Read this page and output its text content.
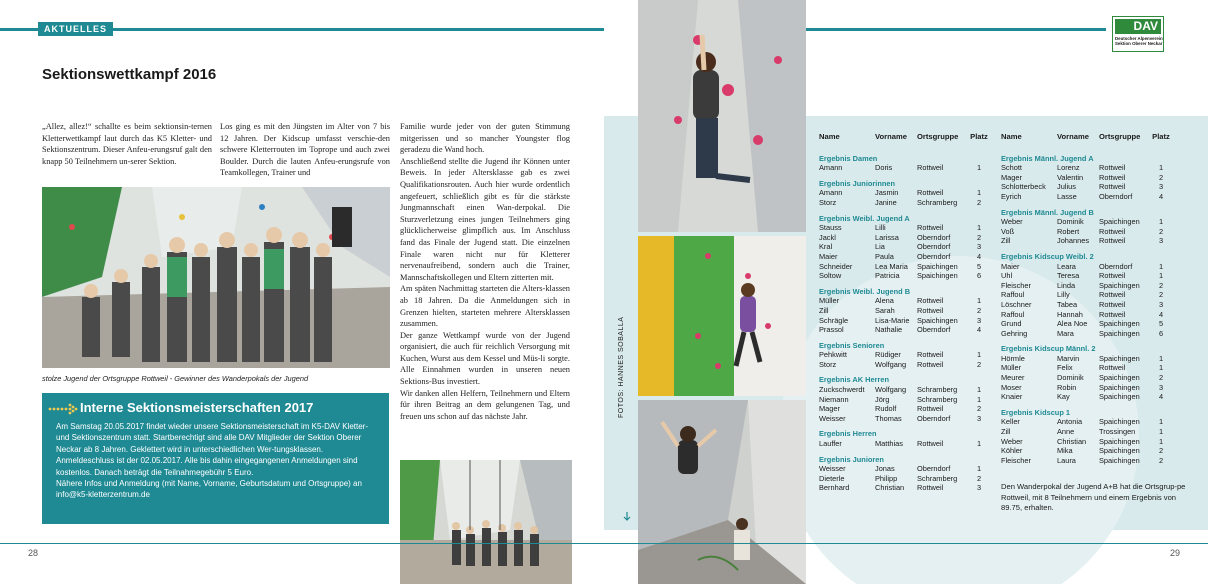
AKTUELLES
Sektionswettkampf 2016

„Allez, allez!“ schallte es beim sektionsin-ternen Kletterwettkampf laut durch das K5 Kletter- und Sektionszentrum. Dieser Anfeu-erungsruf galt den knapp 50 Teilnehmern un-serer Sektion.

Los ging es mit den Jüngsten im Alter von 7 bis 12 Jahren. Der Kidscup umfasst verschie-den schwere Kletterrouten im Toprope und auch zwei Boulder. Durch die lauten Anfeu-erungsrufe von Teamkollegen, Trainer und

Familie wurde jeder von der guten Stimmung mitgerissen und so mancher Youngster flog geradezu die Wand hoch.

Anschließend stellte die Jugend ihr Können unter Beweis. In jeder Altersklasse gab es zwei Qualifikationsrouten. Auch hier wurde ordentlich angefeuert, schließlich gibt es für die stärkste Jungmannschaft einen Wan-derpokal. Die Sturzverletzung eines jungen Teilnehmers ging glücklicherweise glimpflich aus. Im Anschluss fand das Finale der Jugend statt. Die einzelnen Finale waren nicht nur für Kletterer nervenaufreibend, sondern auch die Trainer, Mannschaftskollegen und Eltern zitterten mit.

Am späten Nachmittag starteten die Alters-klassen ab 18 Jahren. Da die Anmeldungen sich in Grenzen hielten, starteten mehrere Altersklassen zusammen.

Der ganze Wettkampf wurde von der Jugend organisiert, die auch für reichlich Versorgung mit Kuchen, Wurst aus dem Kessel und Müs-li sorgte. Alle Einnahmen wurden in unseren neuen Sektions-Bus investiert.

Wir danken allen Helfern, Teilnehmern und Eltern für ihren Beitrag an dem gelungenen Tag, und freuen uns schon auf das nächste Jahr.

stolze Jugend der Ortsgruppe Rottweil - Gewinner des Wanderpokals der Jugend
Interne Sektionsmeisterschaften 2017

Am Samstag 20.05.2017 findet wieder unsere Sektionsmeisterschaft im K5-DAV Kletter- und Sektionszentrum statt. Startberechtigt sind alle DAV Mitglieder der Sektion Oberer Neckar ab 8 Jahren. Geklettert wird in unterschiedlichen Wer-tungsklassen.

Anmeldeschluss ist der 02.05.2017. Alle bis dahin eingegangenen Anmeldungen sind kostenlos. Danach beträgt die Teilnahmegebühr 5 Euro.

Nähere Infos und Anmeldung (mit Name, Vorname, Geburtsdatum und Ortsgruppe) an info@k5-kletterzentrum.de

28
DAV
Deutscher Alpenverein Sektion Oberer Neckar
FOTOS: HANNES SOBALLA
Name	Vorname	Ortsgruppe	Platz
Ergebnis Damen
Amann	Doris	Rottweil	1
Ergebnis Juniorinnen
Amann	Jasmin	Rottweil	1
Storz	Janine	Schramberg	2
Ergebnis Weibl. Jugend A
Stauss	Lilli	Rottweil	1
Jackl	Larissa	Oberndorf	2
Kral	Lia	Oberndorf	3
Maier	Paula	Oberndorf	4
Schneider	Lea Maria	Spaichingen	5
Soltow	Patricia	Spaichingen	6
Ergebnis Weibl. Jugend B
Müller	Alena	Rottweil	1
Zill	Sarah	Rottweil	2
Schrägle	Lisa-Marie	Spaichingen	3
Prassol	Nathalie	Oberndorf	4
Ergebnis Senioren
Pehkwitt	Rüdiger	Rottweil	1
Storz	Wolfgang	Rottweil	2
Ergebnis AK Herren
Zuckschwerdt	Wolfgang	Schramberg	1
Niemann	Jörg	Schramberg	1
Mager	Rudolf	Rottweil	2
Weisser	Thomas	Oberndorf	3
Ergebnis Herren
Lauffer	Matthias	Rottweil	1
Ergebnis Junioren
Weisser	Jonas	Oberndorf	1
Dieterle	Philipp	Schramberg	2
Bernhard	Christian	Rottweil	3
Name	Vorname	Ortsgruppe	Platz
Ergebnis Männl. Jugend A
Schott	Lorenz	Rottweil	1
Mager	Valentin	Rottweil	2
Schlotterbeck	Julius	Rottweil	3
Eyrich	Lasse	Oberndorf	4
Ergebnis Männl. Jugend B
Weber	Dominik	Spaichingen	1
Voß	Robert	Rottweil	2
Zill	Johannes	Rottweil	3
Ergebnis Kidscup Weibl. 2
Maier	Leara	Oberndorf	1
Uhl	Teresa	Rottweil	1
Fleischer	Linda	Spaichingen	2
Raffoul	Lilly	Rottweil	2
Löschner	Tabea	Rottweil	3
Raffoul	Hannah	Rottweil	4
Grund	Alea Noe	Spaichingen	5
Gehring	Mara	Spaichingen	6
Ergebnis Kidscup Männl. 2
Hörmle	Marvin	Spaichingen	1
Müller	Felix	Rottweil	1
Meurer	Dominik	Spaichingen	2
Moser	Robin	Spaichingen	3
Knaier	Kay	Spaichingen	4
Ergebnis Kidscup 1
Keller	Antonia	Spaichingen	1
Zill	Anne	Trossingen	1
Weber	Christian	Spaichingen	1
Köhler	Mika	Spaichingen	2
Fleischer	Laura	Spaichingen	2
Den Wanderpokal der Jugend A+B hat die Ortsgrup-pe Rottweil, mit 8 Teilnehmern und einem Ergebnis von 89.75, erhalten.
29
